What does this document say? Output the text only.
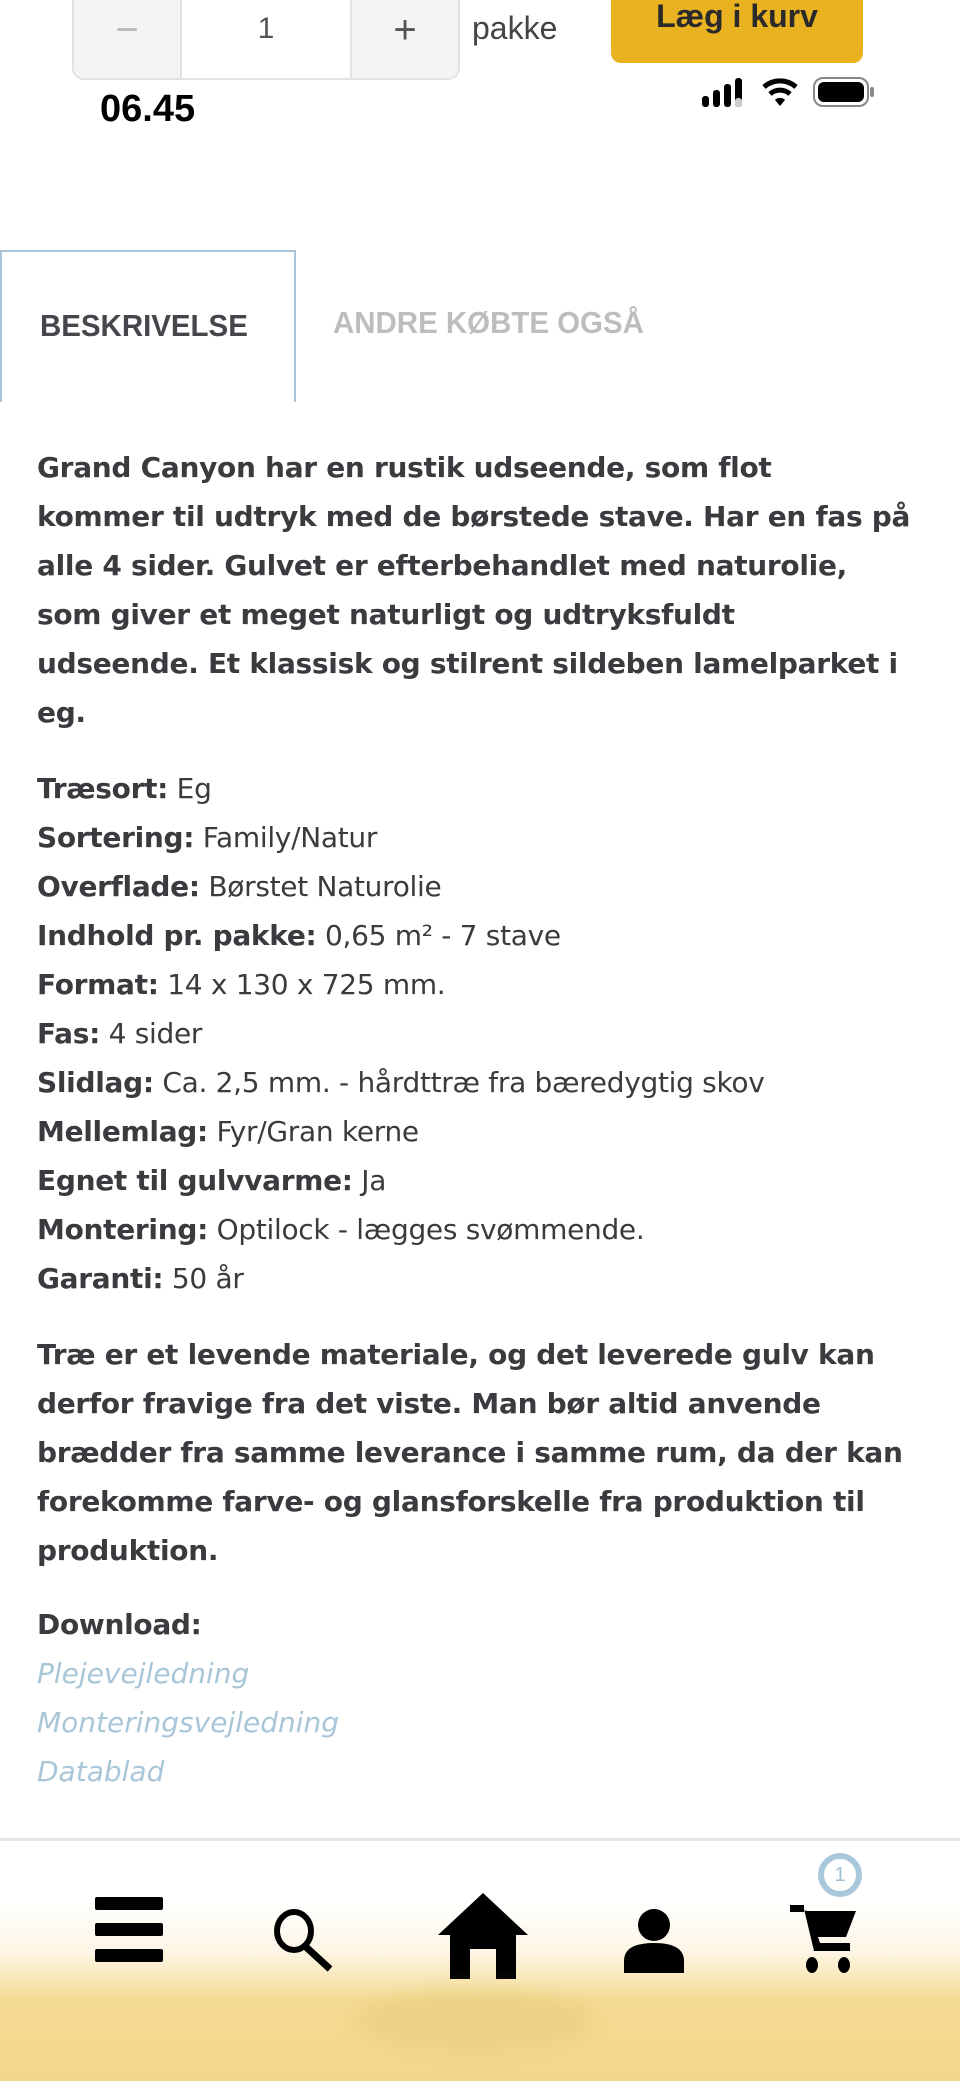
−	1	+	pakke	Læg i kurv
06.45
BESKRIVELSE	ANDRE KØBTE OGSÅ
Grand Canyon har en rustik udseende, som flot
kommer til udtryk med de børstede stave. Har en fas på
alle 4 sider. Gulvet er efterbehandlet med naturolie,
som giver et meget naturligt og udtryksfuldt
udseende. Et klassisk og stilrent sildeben lamelparket i
eg.
Træsort: Eg
Sortering: Family/Natur
Overflade: Børstet Naturolie
Indhold pr. pakke: 0,65 m² - 7 stave
Format: 14 x 130 x 725 mm.
Fas: 4 sider
Slidlag: Ca. 2,5 mm. - hårdttræ fra bæredygtig skov
Mellemlag: Fyr/Gran kerne
Egnet til gulvvarme: Ja
Montering: Optilock - lægges svømmende.
Garanti: 50 år
Træ er et levende materiale, og det leverede gulv kan
derfor fravige fra det viste. Man bør altid anvende
brædder fra samme leverance i samme rum, da der kan
forekomme farve- og glansforskelle fra produktion til
produktion.
Download:
Plejevejledning
Monteringsvejledning
Datablad
1
